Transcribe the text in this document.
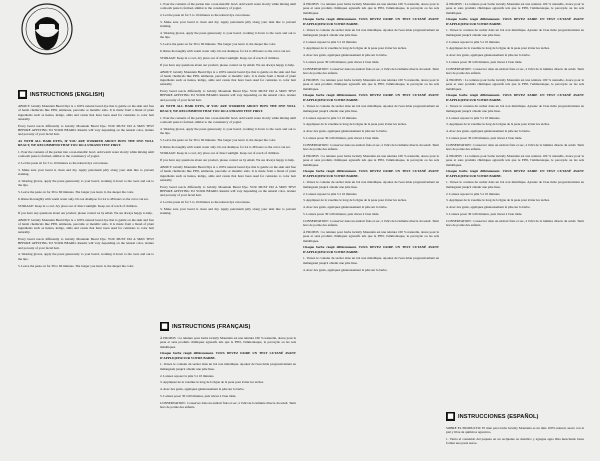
■ INSTRUCTIONS (ENGLISH)

ABOUT: Grizzly Mountain Beard Dye is a 100% natural beard dye that is gentle on the skin and free of harsh chemicals like PPD, ammonia, peroxide or metallic salts. It is made from a blend of plant ingredients such as henna, indigo, amla and cassia that have been used for centuries to color hair naturally.

Every beard reacts differently to Grizzly Mountain Beard Dye. YOU MUST DO A SKIN TEST BEFORE APPLYING TO YOUR BEARD. Results will vary depending on the natural color, texture and porosity of your facial hair.

AS WITH ALL HAIR DYES, IF YOU ARE WORRIED ABOUT HOW THE DYE WILL REACT, WE RECOMMEND THAT YOU DO A STRAND TEST FIRST.

1. Pour the contents of the packet into a non-metallic bowl. Add warm water slowly while mixing until a smooth paste is formed, similar to the consistency of yogurt.

2. Let the paste sit for 5 to 10 minutes so the natural dye can release.

3. Make sure your beard is clean and dry. Apply petroleum jelly along your skin line to prevent staining.

4. Wearing gloves, apply the paste generously to your beard, working it down to the roots and out to the tips.

5. Leave the paste on for 30 to 60 minutes. The longer you leave it, the deeper the color.

6. Rinse thoroughly with warm water only. Do not shampoo for 24 to 48 hours so the color can set.

STORAGE: Keep in a cool, dry place out of direct sunlight. Keep out of reach of children.

If you have any questions about our product, please contact us by email. We are always happy to help.

ABOUT: Grizzly Mountain Beard Dye is a 100% natural beard dye that is gentle on the skin and free of harsh chemicals like PPD, ammonia, peroxide or metallic salts. It is made from a blend of plant ingredients such as henna, indigo, amla and cassia that have been used for centuries to color hair naturally.

Every beard reacts differently to Grizzly Mountain Beard Dye. YOU MUST DO A SKIN TEST BEFORE APPLYING TO YOUR BEARD. Results will vary depending on the natural color, texture and porosity of your facial hair.

4. Wearing gloves, apply the paste generously to your beard, working it down to the roots and out to the tips.

5. Leave the paste on for 30 to 60 minutes. The longer you leave it, the deeper the color.

1. Pour the contents of the packet into a non-metallic bowl. Add warm water slowly while mixing until a smooth paste is formed, similar to the consistency of yogurt.

2. Let the paste sit for 5 to 10 minutes so the natural dye can release.

3. Make sure your beard is clean and dry. Apply petroleum jelly along your skin line to prevent staining.

4. Wearing gloves, apply the paste generously to your beard, working it down to the roots and out to the tips.

5. Leave the paste on for 30 to 60 minutes. The longer you leave it, the deeper the color.

6. Rinse thoroughly with warm water only. Do not shampoo for 24 to 48 hours so the color can set.

STORAGE: Keep in a cool, dry place out of direct sunlight. Keep out of reach of children.

If you have any questions about our product, please contact us by email. We are always happy to help.

ABOUT: Grizzly Mountain Beard Dye is a 100% natural beard dye that is gentle on the skin and free of harsh chemicals like PPD, ammonia, peroxide or metallic salts. It is made from a blend of plant ingredients such as henna, indigo, amla and cassia that have been used for centuries to color hair naturally.

Every beard reacts differently to Grizzly Mountain Beard Dye. YOU MUST DO A SKIN TEST BEFORE APPLYING TO YOUR BEARD. Results will vary depending on the natural color, texture and porosity of your facial hair.

AS WITH ALL HAIR DYES, IF YOU ARE WORRIED ABOUT HOW THE DYE WILL REACT, WE RECOMMEND THAT YOU DO A STRAND TEST FIRST.

1. Pour the contents of the packet into a non-metallic bowl. Add warm water slowly while mixing until a smooth paste is formed, similar to the consistency of yogurt.

4. Wearing gloves, apply the paste generously to your beard, working it down to the roots and out to the tips.

5. Leave the paste on for 30 to 60 minutes. The longer you leave it, the deeper the color.

6. Rinse thoroughly with warm water only. Do not shampoo for 24 to 48 hours so the color can set.

STORAGE: Keep in a cool, dry place out of direct sunlight. Keep out of reach of children.

If you have any questions about our product, please contact us by email. We are always happy to help.

ABOUT: Grizzly Mountain Beard Dye is a 100% natural beard dye that is gentle on the skin and free of harsh chemicals like PPD, ammonia, peroxide or metallic salts. It is made from a blend of plant ingredients such as henna, indigo, amla and cassia that have been used for centuries to color hair naturally.

Every beard reacts differently to Grizzly Mountain Beard Dye. YOU MUST DO A SKIN TEST BEFORE APPLYING TO YOUR BEARD. Results will vary depending on the natural color, texture and porosity of your facial hair.

2. Let the paste sit for 5 to 10 minutes so the natural dye can release.

3. Make sure your beard is clean and dry. Apply petroleum jelly along your skin line to prevent staining.

■ INSTRUCTIONS (FRANÇAIS)

À PROPOS : La teinture pour barbe Grizzly Mountain est une teinture 100 % naturelle, douce pour la peau et sans produits chimiques agressifs tels que le PPD, l'ammoniaque, le peroxyde ou les sels métalliques.

Chaque barbe réagit différemment. VOUS DEVEZ FAIRE UN TEST CUTANÉ AVANT D'APPLIQUER SUR VOTRE BARBE.

1. Versez le contenu du sachet dans un bol non métallique. Ajoutez de l'eau tiède progressivement en mélangeant jusqu'à obtenir une pâte lisse.

2. Laissez reposer la pâte 5 à 10 minutes.

3. Appliquez de la vaseline le long de la ligne de la peau pour éviter les taches.

4. Avec des gants, appliquez généreusement la pâte sur la barbe.

5. Laissez poser 30 à 60 minutes, puis rincez à l'eau tiède.

CONSERVATION : Conserver dans un endroit frais et sec, à l'abri de la lumière directe du soleil. Tenir hors de portée des enfants.

À PROPOS : La teinture pour barbe Grizzly Mountain est une teinture 100 % naturelle, douce pour la peau et sans produits chimiques agressifs tels que le PPD, l'ammoniaque, le peroxyde ou les sels métalliques.

Chaque barbe réagit différemment. VOUS DEVEZ FAIRE UN TEST CUTANÉ AVANT D'APPLIQUER SUR VOTRE BARBE.

1. Versez le contenu du sachet dans un bol non métallique. Ajoutez de l'eau tiède progressivement en mélangeant jusqu'à obtenir une pâte lisse.

2. Laissez reposer la pâte 5 à 10 minutes.

3. Appliquez de la vaseline le long de la ligne de la peau pour éviter les taches.

4. Avec des gants, appliquez généreusement la pâte sur la barbe.

5. Laissez poser 30 à 60 minutes, puis rincez à l'eau tiède.

CONSERVATION : Conserver dans un endroit frais et sec, à l'abri de la lumière directe du soleil. Tenir hors de portée des enfants.

À PROPOS : La teinture pour barbe Grizzly Mountain est une teinture 100 % naturelle, douce pour la peau et sans produits chimiques agressifs tels que le PPD, l'ammoniaque, le peroxyde ou les sels métalliques.

Chaque barbe réagit différemment. VOUS DEVEZ FAIRE UN TEST CUTANÉ AVANT D'APPLIQUER SUR VOTRE BARBE.

1. Versez le contenu du sachet dans un bol non métallique. Ajoutez de l'eau tiède progressivement en mélangeant jusqu'à obtenir une pâte lisse.

2. Laissez reposer la pâte 5 à 10 minutes.

3. Appliquez de la vaseline le long de la ligne de la peau pour éviter les taches.

4. Avec des gants, appliquez généreusement la pâte sur la barbe.

5. Laissez poser 30 à 60 minutes, puis rincez à l'eau tiède.

CONSERVATION : Conserver dans un endroit frais et sec, à l'abri de la lumière directe du soleil. Tenir hors de portée des enfants.

À PROPOS : La teinture pour barbe Grizzly Mountain est une teinture 100 % naturelle, douce pour la peau et sans produits chimiques agressifs tels que le PPD, l'ammoniaque, le peroxyde ou les sels métalliques.

Chaque barbe réagit différemment. VOUS DEVEZ FAIRE UN TEST CUTANÉ AVANT D'APPLIQUER SUR VOTRE BARBE.

1. Versez le contenu du sachet dans un bol non métallique. Ajoutez de l'eau tiède progressivement en mélangeant jusqu'à obtenir une pâte lisse.

2. Laissez reposer la pâte 5 à 10 minutes.

3. Appliquez de la vaseline le long de la ligne de la peau pour éviter les taches.

4. Avec des gants, appliquez généreusement la pâte sur la barbe.

5. Laissez poser 30 à 60 minutes, puis rincez à l'eau tiède.

CONSERVATION : Conserver dans un endroit frais et sec, à l'abri de la lumière directe du soleil. Tenir hors de portée des enfants.

À PROPOS : La teinture pour barbe Grizzly Mountain est une teinture 100 % naturelle, douce pour la peau et sans produits chimiques agressifs tels que le PPD, l'ammoniaque, le peroxyde ou les sels métalliques.

Chaque barbe réagit différemment. VOUS DEVEZ FAIRE UN TEST CUTANÉ AVANT D'APPLIQUER SUR VOTRE BARBE.

1. Versez le contenu du sachet dans un bol non métallique. Ajoutez de l'eau tiède progressivement en mélangeant jusqu'à obtenir une pâte lisse.

4. Avec des gants, appliquez généreusement la pâte sur la barbe.

À PROPOS : La teinture pour barbe Grizzly Mountain est une teinture 100 % naturelle, douce pour la peau et sans produits chimiques agressifs tels que le PPD, l'ammoniaque, le peroxyde ou les sels métalliques.

Chaque barbe réagit différemment. VOUS DEVEZ FAIRE UN TEST CUTANÉ AVANT D'APPLIQUER SUR VOTRE BARBE.

1. Versez le contenu du sachet dans un bol non métallique. Ajoutez de l'eau tiède progressivement en mélangeant jusqu'à obtenir une pâte lisse.

2. Laissez reposer la pâte 5 à 10 minutes.

3. Appliquez de la vaseline le long de la ligne de la peau pour éviter les taches.

4. Avec des gants, appliquez généreusement la pâte sur la barbe.

5. Laissez poser 30 à 60 minutes, puis rincez à l'eau tiède.

CONSERVATION : Conserver dans un endroit frais et sec, à l'abri de la lumière directe du soleil. Tenir hors de portée des enfants.

À PROPOS : La teinture pour barbe Grizzly Mountain est une teinture 100 % naturelle, douce pour la peau et sans produits chimiques agressifs tels que le PPD, l'ammoniaque, le peroxyde ou les sels métalliques.

Chaque barbe réagit différemment. VOUS DEVEZ FAIRE UN TEST CUTANÉ AVANT D'APPLIQUER SUR VOTRE BARBE.

1. Versez le contenu du sachet dans un bol non métallique. Ajoutez de l'eau tiède progressivement en mélangeant jusqu'à obtenir une pâte lisse.

2. Laissez reposer la pâte 5 à 10 minutes.

3. Appliquez de la vaseline le long de la ligne de la peau pour éviter les taches.

4. Avec des gants, appliquez généreusement la pâte sur la barbe.

5. Laissez poser 30 à 60 minutes, puis rincez à l'eau tiède.

CONSERVATION : Conserver dans un endroit frais et sec, à l'abri de la lumière directe du soleil. Tenir hors de portée des enfants.

À PROPOS : La teinture pour barbe Grizzly Mountain est une teinture 100 % naturelle, douce pour la peau et sans produits chimiques agressifs tels que le PPD, l'ammoniaque, le peroxyde ou les sels métalliques.

Chaque barbe réagit différemment. VOUS DEVEZ FAIRE UN TEST CUTANÉ AVANT D'APPLIQUER SUR VOTRE BARBE.

1. Versez le contenu du sachet dans un bol non métallique. Ajoutez de l'eau tiède progressivement en mélangeant jusqu'à obtenir une pâte lisse.

2. Laissez reposer la pâte 5 à 10 minutes.

3. Appliquez de la vaseline le long de la ligne de la peau pour éviter les taches.

4. Avec des gants, appliquez généreusement la pâte sur la barbe.

5. Laissez poser 30 à 60 minutes, puis rincez à l'eau tiède.

CONSERVATION : Conserver dans un endroit frais et sec, à l'abri de la lumière directe du soleil. Tenir hors de portée des enfants.

■ INSTRUCCIONES (ESPAÑOL)

SOBRE EL PRODUCTO: El tinte para barba Grizzly Mountain es un tinte 100% natural, suave con la piel y libre de químicos agresivos.

1. Vierta el contenido del paquete en un recipiente no metálico y agregue agua tibia mezclando hasta formar una pasta suave.
